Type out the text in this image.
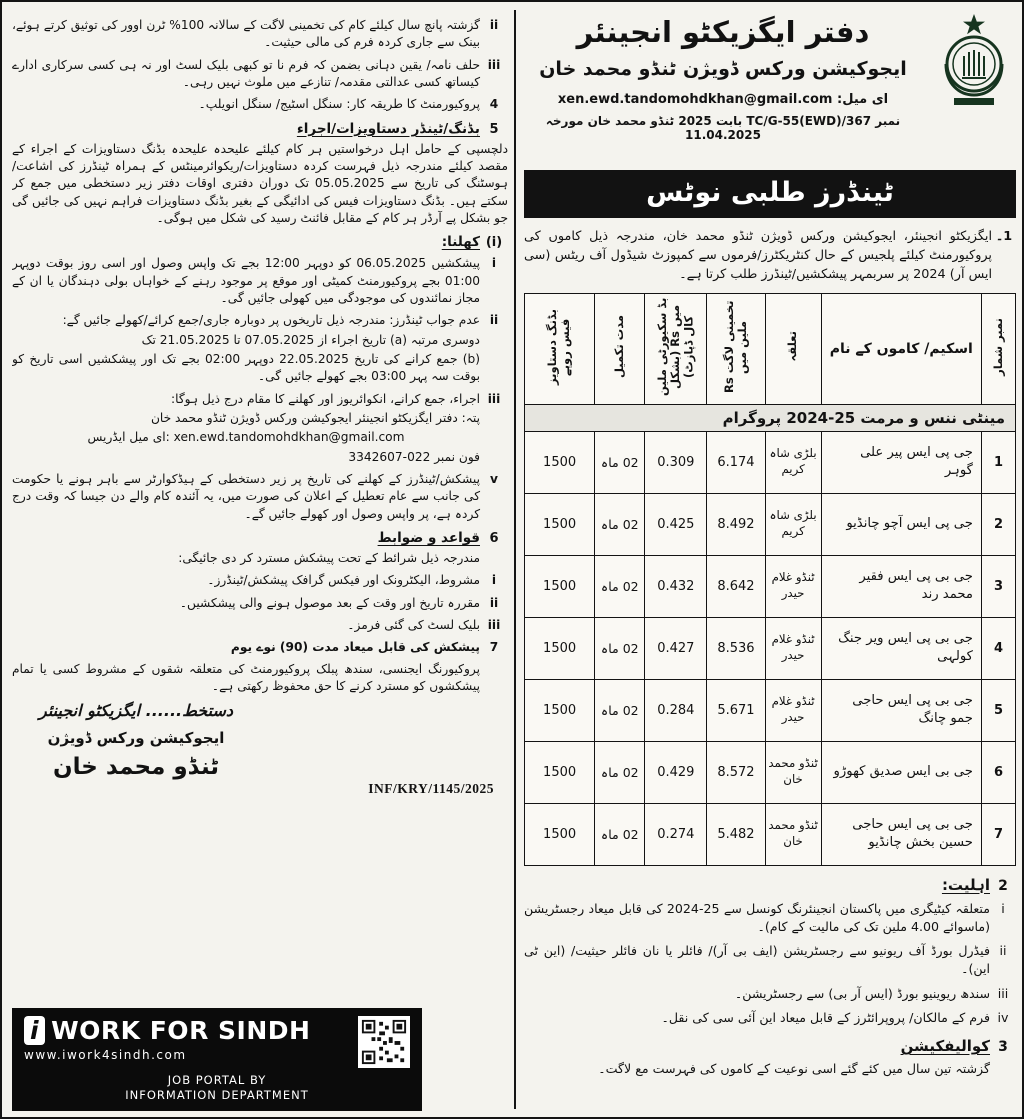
دفتر ایگزیکٹو انجینئر
ایجوکیشن ورکس ڈویژن ٹنڈو محمد خان
ای میل: xen.ewd.tandomohdkhan@gmail.com
نمبر TC/G-55(EWD)/367 بابت 2025 ٹنڈو محمد خان مورخہ 11.04.2025
ٹینڈرز طلبی نوٹس
1۔
ایگزیکٹو انجینئر، ایجوکیشن ورکس ڈویژن ٹنڈو محمد خان، مندرجہ ذیل کاموں کی پروکیورمنٹ کیلئے پلجیس کے حال کنٹریکٹرز/فرموں سے کمپوزٹ شیڈول آف ریٹس (سی ایس آر) 2024 پر سربمہر پیشکشیں/ٹینڈرز طلب کرتا ہے۔
نمبر شمار	اسکیم/ کاموں کے نام	تعلقہ	تخمینی لاگت Rs ملین میں	بڈ سکیورٹی ملین میں Rs (بشکل کال ڈپازٹ)	مدت تکمیل	بڈنگ دستاویز فیس روپے
مینٹی ننس و مرمت 25-2024 پروگرام						
1	جی پی ایس پیر علی گوہر	بلڑی شاہ کریم	6.174	0.309	02 ماہ	1500
2	جی پی ایس آچو چانڈیو	بلڑی شاہ کریم	8.492	0.425	02 ماہ	1500
3	جی بی پی ایس فقیر محمد رند	ٹنڈو غلام حیدر	8.642	0.432	02 ماہ	1500
4	جی بی پی ایس ویر جنگ کولہی	ٹنڈو غلام حیدر	8.536	0.427	02 ماہ	1500
5	جی بی پی ایس حاجی جمو چانگ	ٹنڈو غلام حیدر	5.671	0.284	02 ماہ	1500
6	جی بی ایس صدیق کھوڑو	ٹنڈو محمد خان	8.572	0.429	02 ماہ	1500
7	جی بی پی ایس حاجی حسین بخش چانڈیو	ٹنڈو محمد خان	5.482	0.274	02 ماہ	1500
2
اہلیت:
i
متعلقہ کیٹیگری میں پاکستان انجینئرنگ کونسل سے 25-2024 کی قابل میعاد رجسٹریشن (ماسوائے 4.00 ملین تک کی مالیت کے کام)۔
ii
فیڈرل بورڈ آف ریونیو سے رجسٹریشن (ایف بی آر)/ فائلر یا نان فائلر حیثیت/ (این ٹی این)۔
iii
سندھ ریوینیو بورڈ (ایس آر بی) سے رجسٹریشن۔
iv
فرم کے مالکان/ پروپرائٹرز کے قابل میعاد این آئی سی کی نقل۔
3
کوالیفکیشن
گزشتہ تین سال میں کئے گئے اسی نوعیت کے کاموں کی فہرست مع لاگت۔
ii
گزشتہ پانچ سال کیلئے کام کی تخمینی لاگت کے سالانہ 100% ٹرن اوور کی توثیق کرتے ہوئے، بینک سے جاری کردہ فرم کی مالی حیثیت۔
iii
حلف نامہ/ یقین دہانی بضمن کہ فرم نا تو کبھی بلیک لسٹ اور نہ ہی کسی سرکاری ادارے کیساتھ کسی عدالتی مقدمہ/ تنازعے میں ملوث نہیں رہی۔
4
پروکیورمنٹ کا طریقہ کار: سنگل اسٹیج/ سنگل انویلپ۔
5
بڈنگ/ٹینڈر دستاویزات/اجراء
دلچسپی کے حامل اہل درخواستیں ہر کام کیلئے علیحدہ علیحدہ بڈنگ دستاویزات کے اجراء کے مقصد کیلئے مندرجہ ذیل فہرست کردہ دستاویزات/ریکوائرمینٹس کے ہمراہ ٹینڈرز کی اشاعت/ ہوسٹنگ کی تاریخ سے 05.05.2025 تک دوران دفتری اوقات دفتر زیر دستخطی میں جمع کر سکتے ہیں۔ بڈنگ دستاویزات فیس کی ادائیگی کے بغیر بڈنگ دستاویزات فراہم نہیں کی جائیں گی جو بشکل پے آرڈر ہر کام کے مقابل فائنٹ رسید کی شکل میں ہوگی۔
(i)
کھلنا:
i
پیشکشیں 06.05.2025 کو دوپہر 12:00 بجے تک واپس وصول اور اسی روز بوقت دوپہر 01:00 بجے پروکیورمنٹ کمیٹی اور موقع پر موجود رہنے کے خواہاں بولی دہندگان یا ان کے مجاز نمائندوں کی موجودگی میں کھولی جائیں گی۔
ii
عدم جواب ٹینڈرز: مندرجہ ذیل تاریخوں پر دوبارہ جاری/جمع کرائے/کھولے جائیں گے:
دوسری مرتبہ (a) تاریخ اجراء از 07.05.2025 تا 21.05.2025 تک
(b) جمع کرانے کی تاریخ 22.05.2025 دوپہر 02:00 بجے تک اور پیشکشیں اسی تاریخ کو بوقت سہ پہر 03:00 بجے کھولے جائیں گی۔
iii
اجراء، جمع کرانے، انکوائریوز اور کھلنے کا مقام درج ذیل ہوگا:
پتہ: دفتر ایگزیکٹو انجینئر ایجوکیشن ورکس ڈویژن ٹنڈو محمد خان
ای میل ایڈریس: xen.ewd.tandomohdkhan@gmail.com
فون نمبر 022-3342607
v
پیشکش/ٹینڈرز کے کھلنے کی تاریخ پر زیر دستخطی کے ہیڈکوارٹر سے باہر ہونے یا حکومت کی جانب سے عام تعطیل کے اعلان کی صورت میں، یہ آئندہ کام والے دن جیسا کہ وقت درج کردہ ہے، پر واپس وصول اور کھولے جائیں گے۔
6
قواعد و ضوابط
مندرجہ ذیل شرائط کے تحت پیشکش مسترد کر دی جائیگی:
i
مشروط، الیکٹرونک اور فیکس گرافک پیشکش/ٹینڈرز۔
ii
مقررہ تاریخ اور وقت کے بعد موصول ہونے والی پیشکشیں۔
iii
بلیک لسٹ کی گئی فرمز۔
7
پیشکش کی قابل میعاد مدت (90) نوے یوم
پروکیورنگ ایجنسی، سندھ پبلک پروکیورمنٹ کی متعلقہ شقوں کے مشروط کسی یا تمام پیشکشوں کو مسترد کرنے کا حق محفوظ رکھتی ہے۔
دستخط...... ایگزیکٹو انجینئر
ایجوکیشن ورکس ڈویژن
ٹنڈو محمد خان
INF/KRY/1145/2025
i WORK FOR SINDH
www.iwork4sindh.com
JOB PORTAL BY
INFORMATION DEPARTMENT
